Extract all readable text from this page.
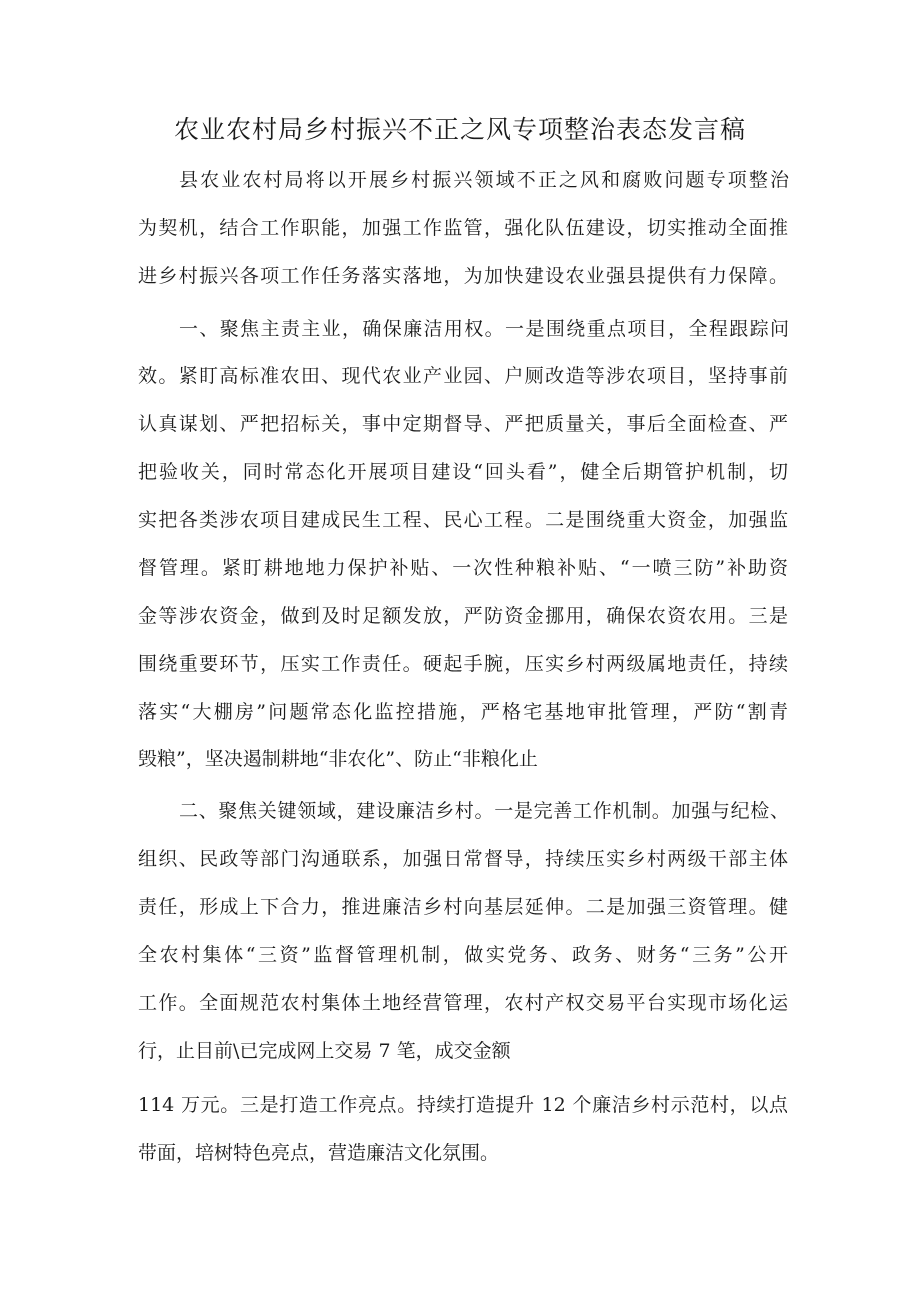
农业农村局乡村振兴不正之风专项整治表态发言稿

县农业农村局将以开展乡村振兴领域不正之风和腐败问题专项整治

为契机，结合工作职能，加强工作监管，强化队伍建设，切实推动全面推

进乡村振兴各项工作任务落实落地，为加快建设农业强县提供有力保障。

一、聚焦主责主业，确保廉洁用权。一是围绕重点项目，全程跟踪问

效。紧盯高标准农田、现代农业产业园、户厕改造等涉农项目，坚持事前

认真谋划、严把招标关，事中定期督导、严把质量关，事后全面检查、严

把验收关，同时常态化开展项目建设“回头看”，健全后期管护机制，切

实把各类涉农项目建成民生工程、民心工程。二是围绕重大资金，加强监

督管理。紧盯耕地地力保护补贴、一次性种粮补贴、“一喷三防”补助资

金等涉农资金，做到及时足额发放，严防资金挪用，确保农资农用。三是

围绕重要环节，压实工作责任。硬起手腕，压实乡村两级属地责任，持续

落实“大棚房”问题常态化监控措施，严格宅基地审批管理，严防“割青

毁粮”，坚决遏制耕地“非农化”、防止“非粮化止

二、聚焦关键领域，建设廉洁乡村。一是完善工作机制。加强与纪检、

组织、民政等部门沟通联系，加强日常督导，持续压实乡村两级干部主体

责任，形成上下合力，推进廉洁乡村向基层延伸。二是加强三资管理。健

全农村集体“三资”监督管理机制，做实党务、政务、财务“三务”公开

工作。全面规范农村集体土地经营管理，农村产权交易平台实现市场化运

行，止目前\已完成网上交易 7 笔，成交金额

114 万元。三是打造工作亮点。持续打造提升 12 个廉洁乡村示范村，以点

带面，培树特色亮点，营造廉洁文化氛围。
